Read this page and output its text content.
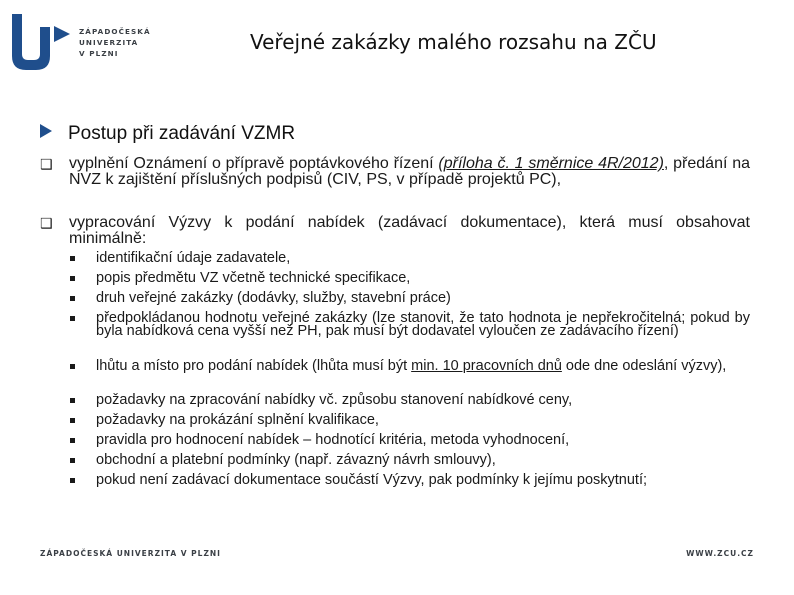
ZÁPADOČESKÁ
UNIVERZITA
V PLZNI	Veřejné zakázky malého rozsahu na ZČU
Postup při zadávání VZMR
❑ vyplnění Oznámení o přípravě poptávkového řízení (příloha č. 1 směrnice 4R/2012), předání na NVZ k zajištění příslušných podpisů (CIV, PS, v případě projektů PC),
❑ vypracování Výzvy k podání nabídek (zadávací dokumentace), která musí obsahovat minimálně:
identifikační údaje zadavatele,
popis předmětu VZ včetně technické specifikace,
druh veřejné zakázky (dodávky, služby, stavební práce)
předpokládanou hodnotu veřejné zakázky (lze stanovit, že tato hodnota je nepřekročitelná; pokud by byla nabídková cena vyšší než PH, pak musí být dodavatel vyloučen ze zadávacího řízení)
lhůtu a místo pro podání nabídek (lhůta musí být min. 10 pracovních dnů ode dne odeslání výzvy),
požadavky na zpracování nabídky vč. způsobu stanovení nabídkové ceny,
požadavky na prokázání splnění kvalifikace,
pravidla pro hodnocení nabídek – hodnotící kritéria, metoda vyhodnocení,
obchodní a platební podmínky (např. závazný návrh smlouvy),
pokud není zadávací dokumentace součástí Výzvy, pak podmínky k jejímu poskytnutí;
ZÁPADOČESKÁ UNIVERZITA V PLZNI	WWW.ZCU.CZ
